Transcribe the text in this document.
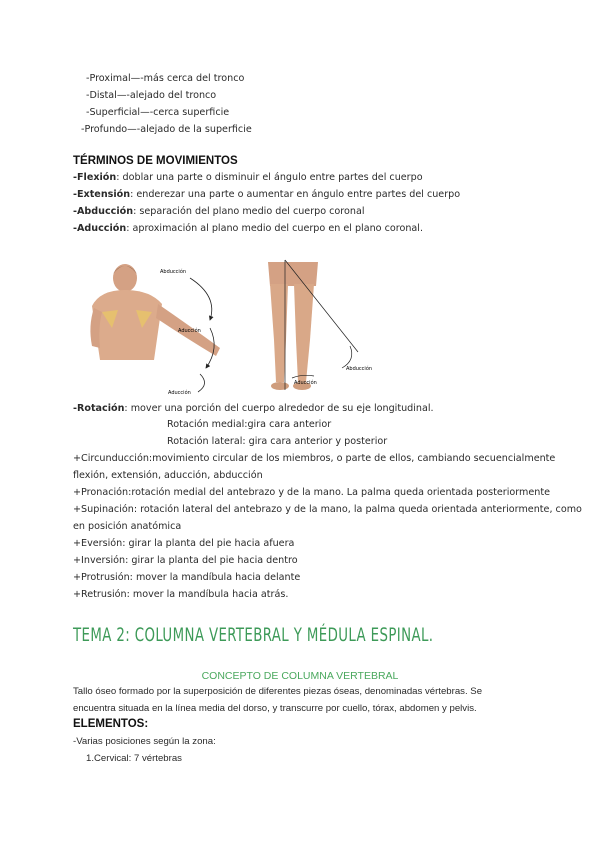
-Proximal—-más cerca del tronco
-Distal—-alejado del tronco
-Superficial—-cerca superficie
-Profundo—-alejado de la superficie
TÉRMINOS DE MOVIMIENTOS
-Flexión: doblar una parte o disminuir el ángulo entre partes del cuerpo
-Extensión: enderezar una parte o aumentar en ángulo entre partes del cuerpo
-Abducción: separación del plano medio del cuerpo coronal
-Aducción: aproximación al plano medio del cuerpo en el plano coronal.
Abducción
Aducción
Aducción
Abducción
Aducción
-Rotación: mover una porción del cuerpo alrededor de su eje longitudinal.
Rotación medial:gira cara anterior
Rotación lateral: gira cara anterior y posterior
+Circunducción:movimiento circular de los miembros, o parte de ellos, cambiando secuencialmente
flexión, extensión, aducción, abducción
+Pronación:rotación medial del antebrazo y de la mano. La palma queda orientada posteriormente
+Supinación: rotación lateral del antebrazo y de la mano, la palma queda orientada anteriormente, como
en posición anatómica
+Eversión: girar la planta del pie hacia afuera
+Inversión: girar la planta del pie hacia dentro
+Protrusión: mover la mandíbula hacia delante
+Retrusión: mover la mandíbula hacia atrás.
TEMA 2: COLUMNA VERTEBRAL Y MÉDULA ESPINAL.
CONCEPTO DE COLUMNA VERTEBRAL
Tallo óseo formado por la superposición de diferentes piezas óseas, denominadas vértebras. Se
encuentra situada en la línea media del dorso, y transcurre por cuello, tórax, abdomen y pelvis.
ELEMENTOS:
-Varias posiciones según la zona:
1.Cervical: 7 vértebras
